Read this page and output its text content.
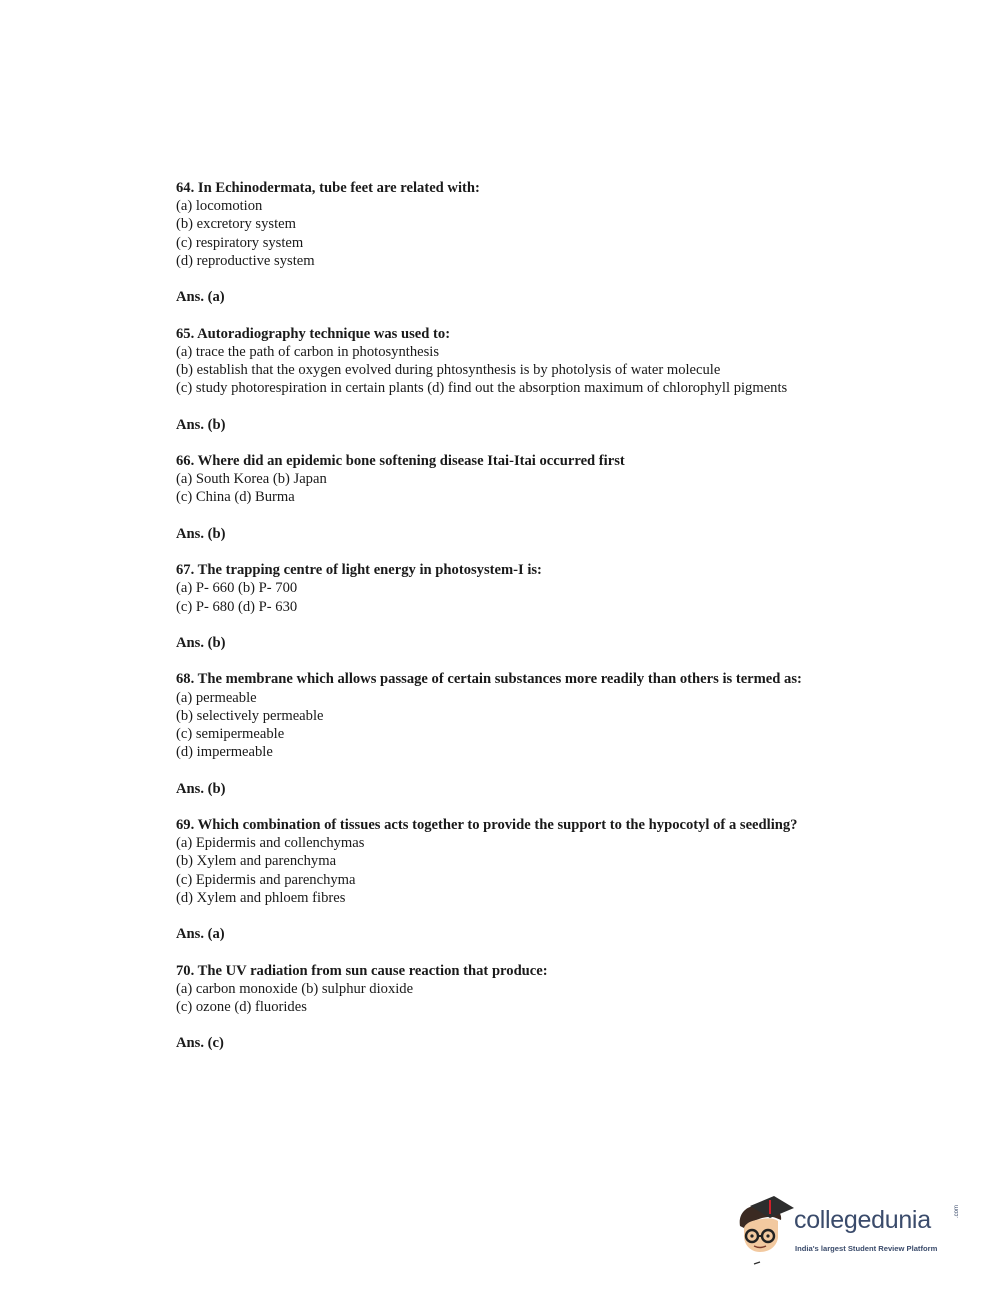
64. In Echinodermata, tube feet are related with:
(a) locomotion
(b) excretory system
(c) respiratory system
(d) reproductive system
Ans. (a)
65. Autoradiography technique was used to:
(a) trace the path of carbon in photosynthesis
(b) establish that the oxygen evolved during phtosynthesis is by photolysis of water molecule
(c) study photorespiration in certain plants (d) find out the absorption maximum of chlorophyll pigments
Ans. (b)
66. Where did an epidemic bone softening disease Itai-Itai occurred first
(a) South Korea (b) Japan
(c) China (d) Burma
Ans. (b)
67. The trapping centre of light energy in photosystem-I is:
(a) P- 660 (b) P- 700
(c) P- 680 (d) P- 630
Ans. (b)
68. The membrane which allows passage of certain substances more readily than others is termed as:
(a) permeable
(b) selectively permeable
(c) semipermeable
(d) impermeable
Ans. (b)
69. Which combination of tissues acts together to provide the support to the hypocotyl of a seedling?
(a) Epidermis and collenchymas
(b) Xylem and parenchyma
(c) Epidermis and parenchyma
(d) Xylem and phloem fibres
Ans. (a)
70. The UV radiation from sun cause reaction that produce:
(a) carbon monoxide (b) sulphur dioxide
(c) ozone (d) fluorides
Ans. (c)
collegedunia	.com
India's largest Student Review Platform
